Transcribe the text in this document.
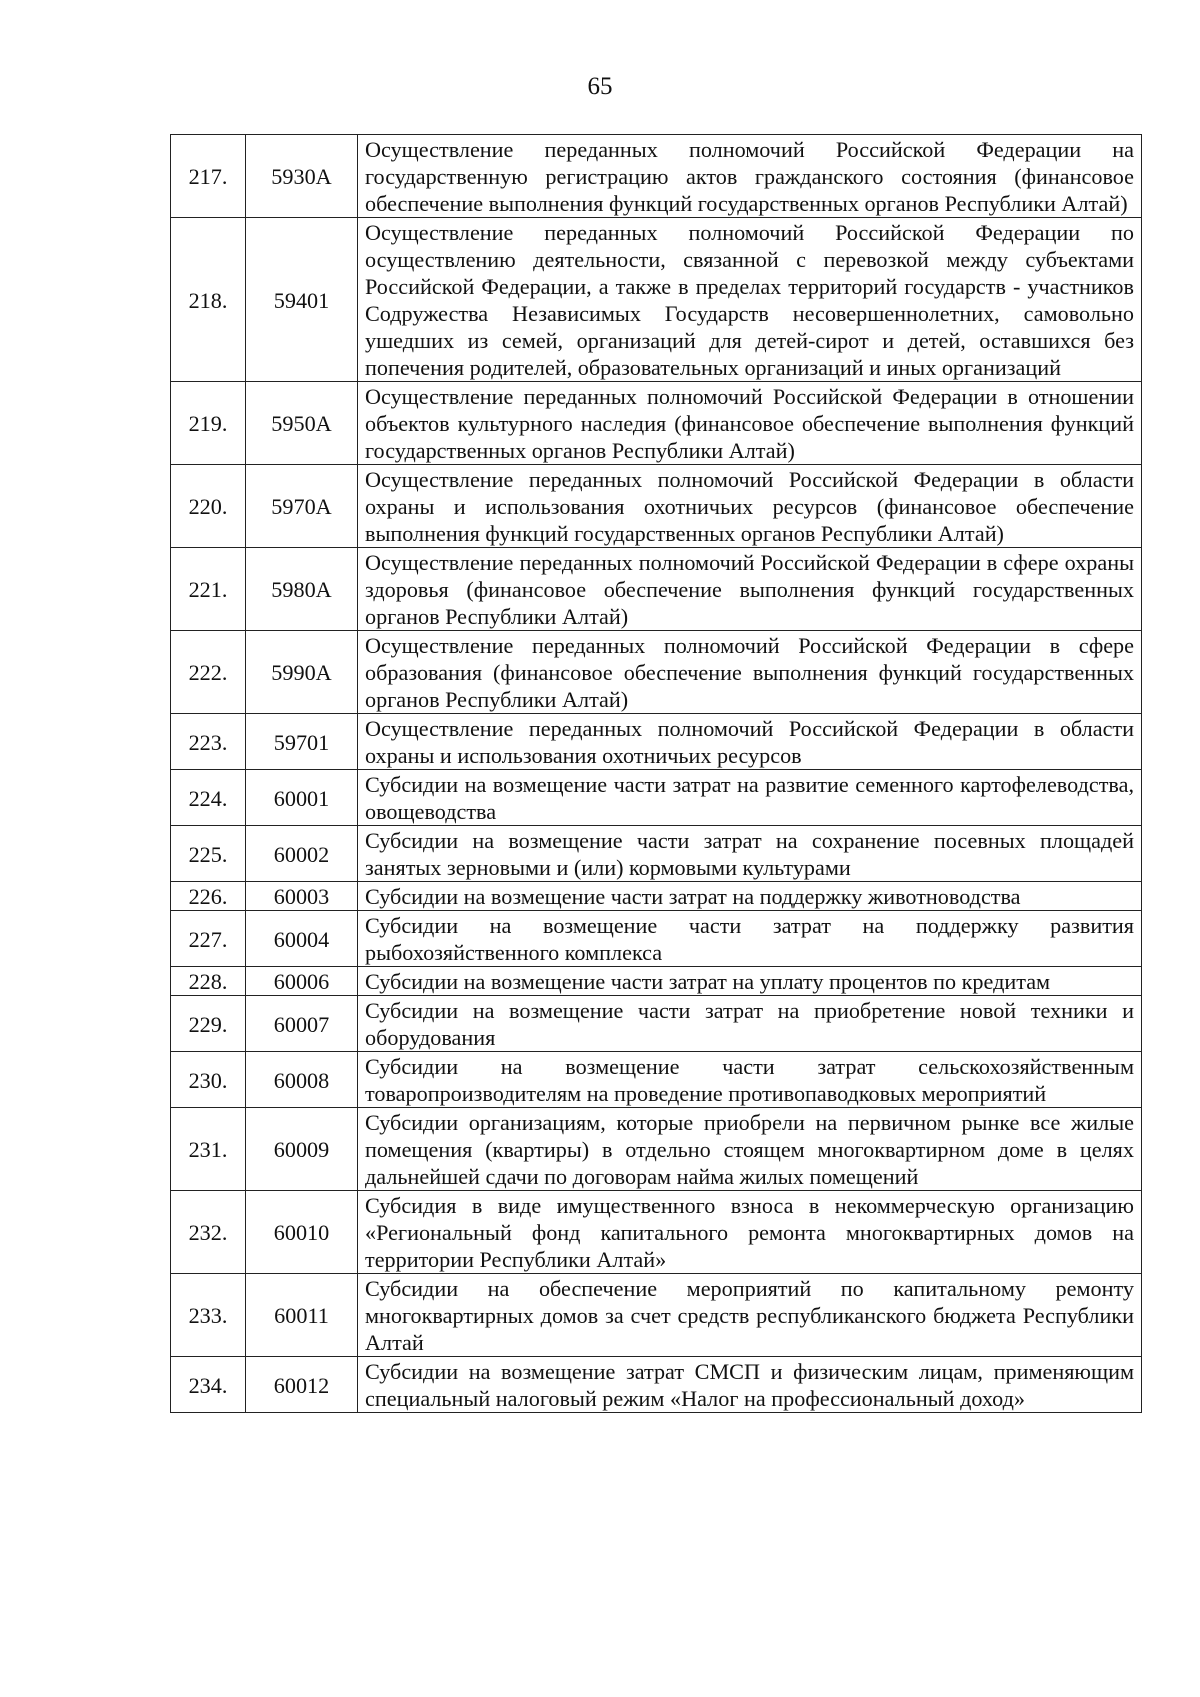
65
217.	5930А	Осуществление переданных полномочий Российской Федерации на государственную регистрацию актов гражданского состояния (финансовое обеспечение выполнения функций государственных органов Республики Алтай)
218.	59401	Осуществление переданных полномочий Российской Федерации по осуществлению деятельности, связанной с перевозкой между субъектами Российской Федерации, а также в пределах территорий государств - участников Содружества Независимых Государств несовершеннолетних, самовольно ушедших из семей, организаций для детей-сирот и детей, оставшихся без попечения родителей, образовательных организаций и иных организаций
219.	5950А	Осуществление переданных полномочий Российской Федерации в отношении объектов культурного наследия (финансовое обеспечение выполнения функций государственных органов Республики Алтай)
220.	5970А	Осуществление переданных полномочий Российской Федерации в области охраны и использования охотничьих ресурсов (финансовое обеспечение выполнения функций государственных органов Республики Алтай)
221.	5980А	Осуществление переданных полномочий Российской Федерации в сфере охраны здоровья (финансовое обеспечение выполнения функций государственных органов Республики Алтай)
222.	5990А	Осуществление переданных полномочий Российской Федерации в сфере образования (финансовое обеспечение выполнения функций государственных органов Республики Алтай)
223.	59701	Осуществление переданных полномочий Российской Федерации в области охраны и использования охотничьих ресурсов
224.	60001	Субсидии на возмещение части затрат на развитие семенного картофелеводства, овощеводства
225.	60002	Субсидии на возмещение части затрат на сохранение посевных площадей занятых зерновыми и (или) кормовыми культурами
226.	60003	Субсидии на возмещение части затрат на поддержку животноводства
227.	60004	Субсидии на возмещение части затрат на поддержку развития рыбохозяйственного комплекса
228.	60006	Субсидии на возмещение части затрат на уплату процентов по кредитам
229.	60007	Субсидии на возмещение части затрат на приобретение новой техники и оборудования
230.	60008	Субсидии на возмещение части затрат сельскохозяйственным товаропроизводителям на проведение противопаводковых мероприятий
231.	60009	Субсидии организациям, которые приобрели на первичном рынке все жилые помещения (квартиры) в отдельно стоящем многоквартирном доме в целях дальнейшей сдачи по договорам найма жилых помещений
232.	60010	Субсидия в виде имущественного взноса в некоммерческую организацию «Региональный фонд капитального ремонта многоквартирных домов на территории Республики Алтай»
233.	60011	Субсидии на обеспечение мероприятий по капитальному ремонту многоквартирных домов за счет средств республиканского бюджета Республики Алтай
234.	60012	Субсидии на возмещение затрат СМСП и физическим лицам, применяющим специальный налоговый режим «Налог на профессиональный доход»
